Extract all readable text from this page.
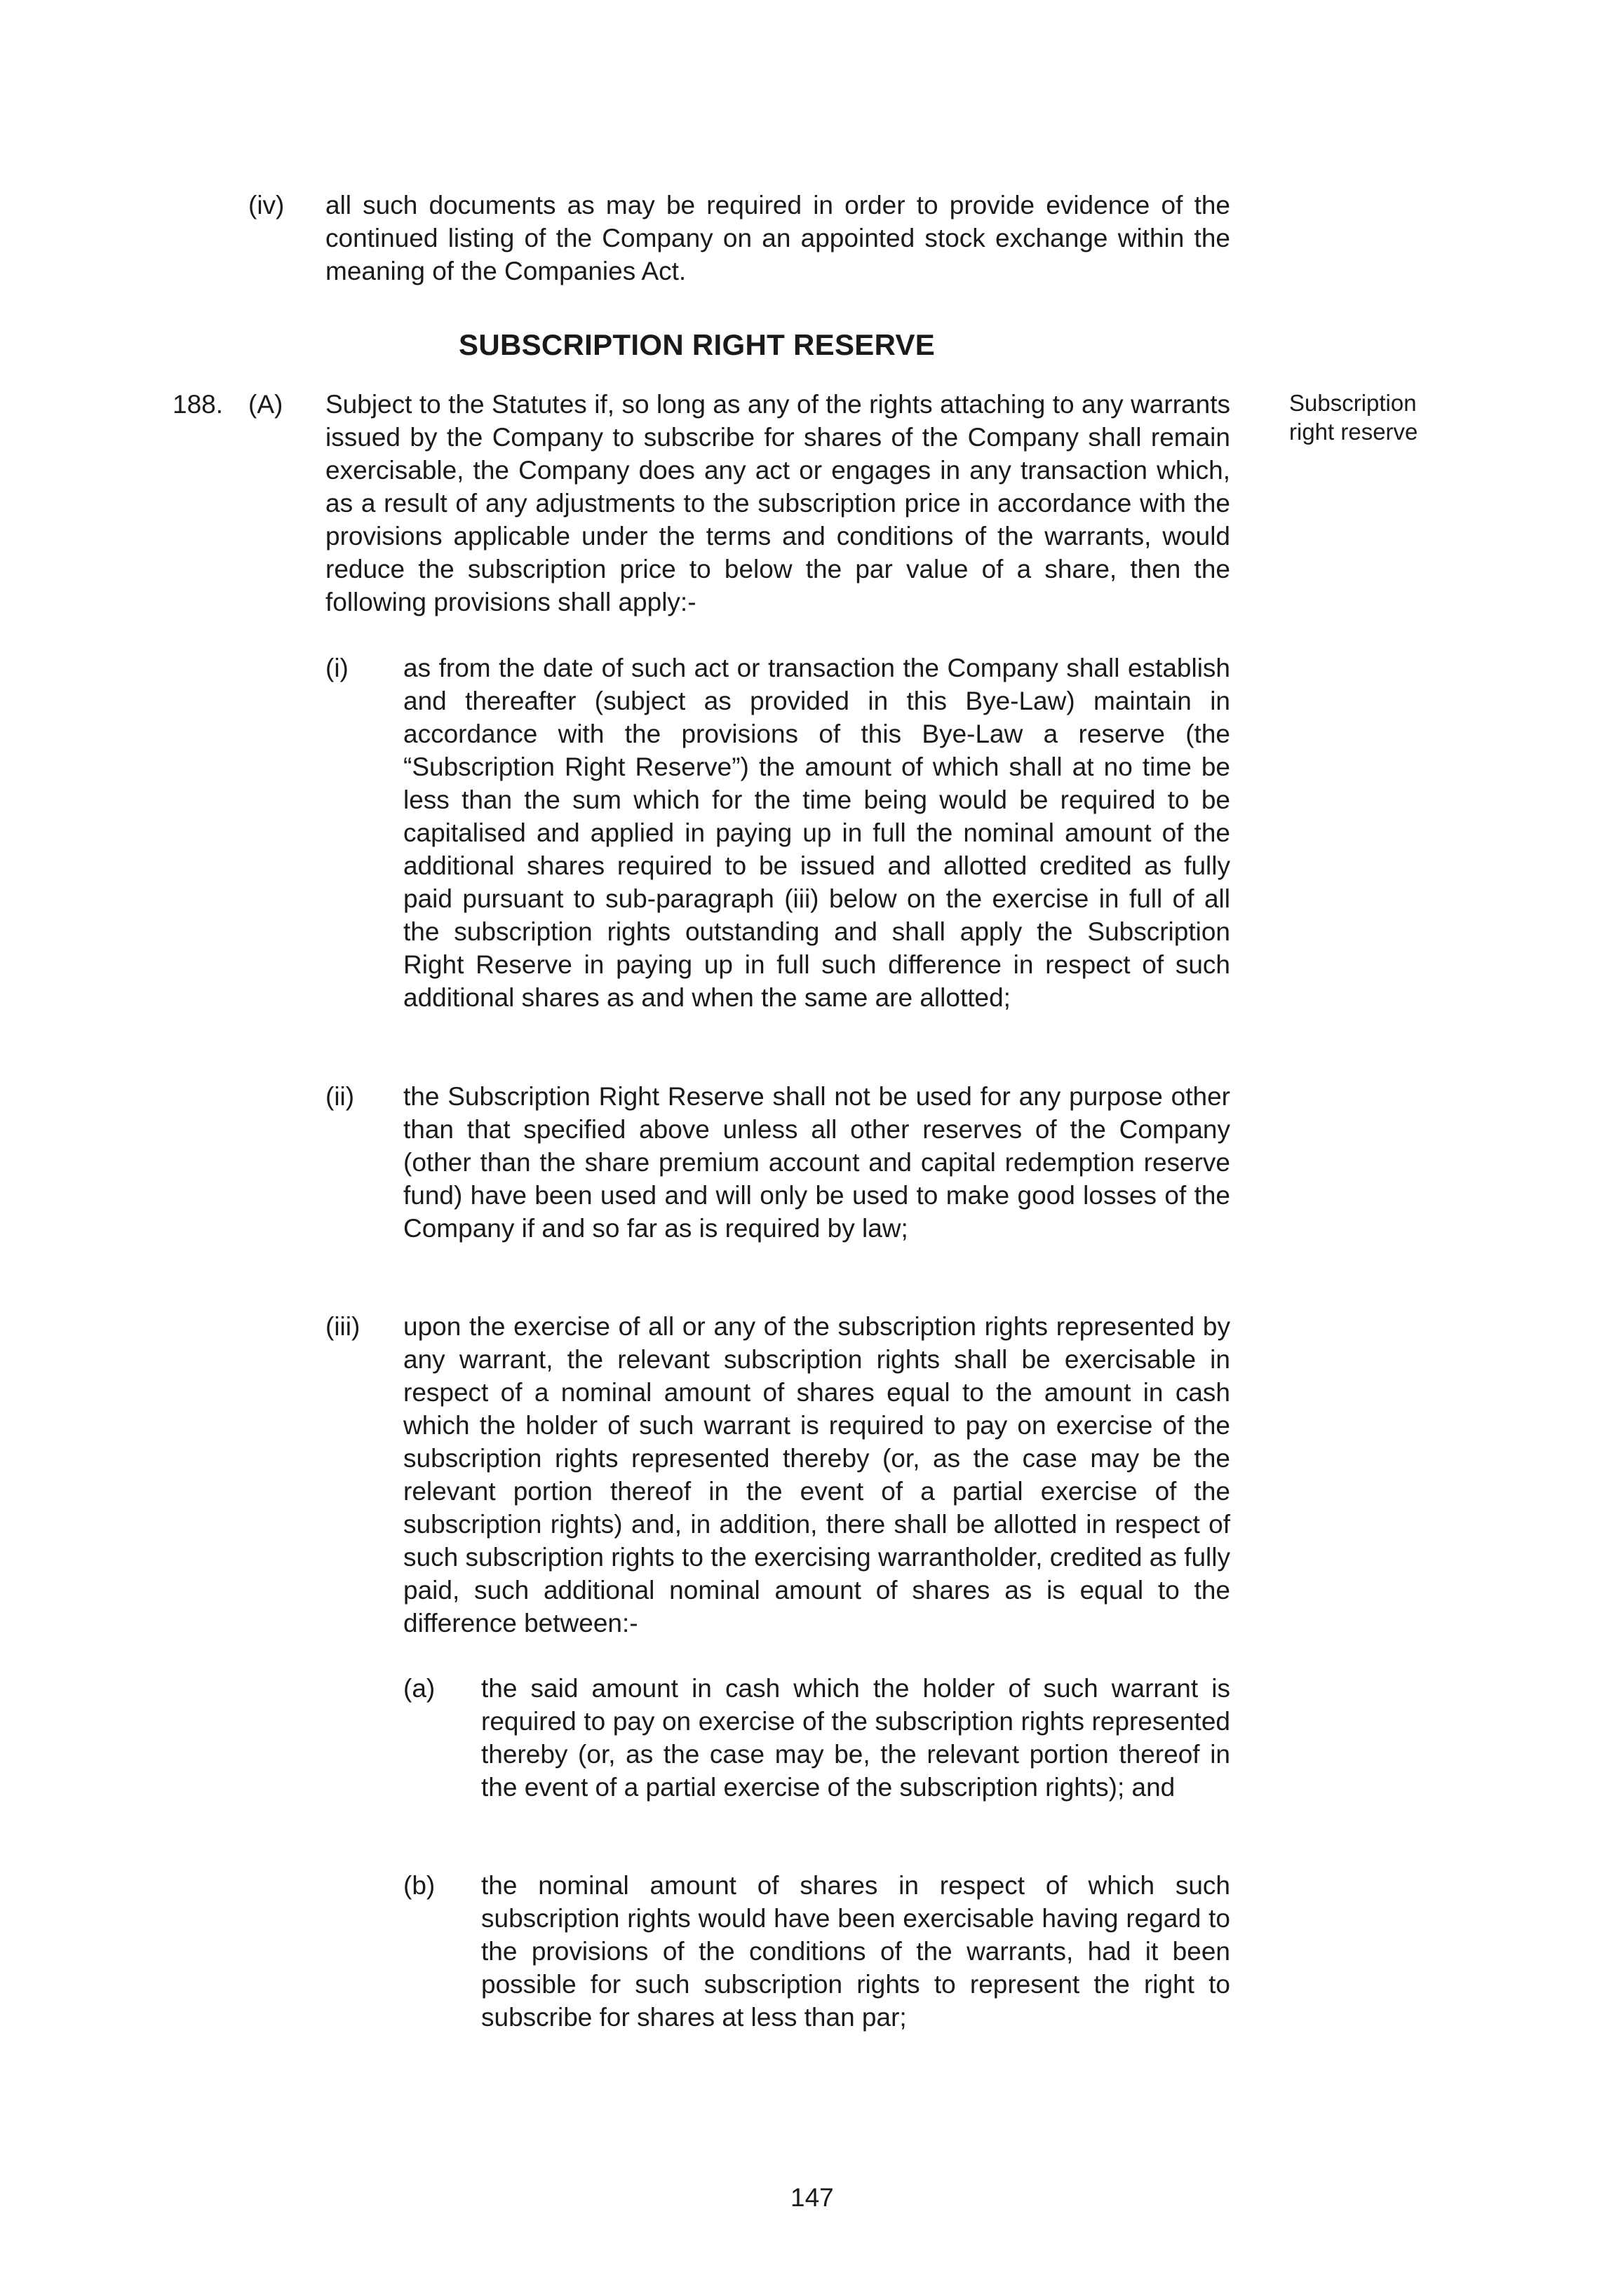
(iv) all such documents as may be required in order to provide evidence of the continued listing of the Company on an appointed stock exchange within the meaning of the Companies Act.
SUBSCRIPTION RIGHT RESERVE
Subscription
right reserve
188. (A) Subject to the Statutes if, so long as any of the rights attaching to any warrants issued by the Company to subscribe for shares of the Company shall remain exercisable, the Company does any act or engages in any transaction which, as a result of any adjustments to the subscription price in accordance with the provisions applicable under the terms and conditions of the warrants, would reduce the subscription price to below the par value of a share, then the following provisions shall apply:-
(i) as from the date of such act or transaction the Company shall establish and thereafter (subject as provided in this Bye-Law) maintain in accordance with the provisions of this Bye-Law a reserve (the “Subscription Right Reserve”) the amount of which shall at no time be less than the sum which for the time being would be required to be capitalised and applied in paying up in full the nominal amount of the additional shares required to be issued and allotted credited as fully paid pursuant to sub-paragraph (iii) below on the exercise in full of all the subscription rights outstanding and shall apply the Subscription Right Reserve in paying up in full such difference in respect of such additional shares as and when the same are allotted;
(ii) the Subscription Right Reserve shall not be used for any purpose other than that specified above unless all other reserves of the Company (other than the share premium account and capital redemption reserve fund) have been used and will only be used to make good losses of the Company if and so far as is required by law;
(iii) upon the exercise of all or any of the subscription rights represented by any warrant, the relevant subscription rights shall be exercisable in respect of a nominal amount of shares equal to the amount in cash which the holder of such warrant is required to pay on exercise of the subscription rights represented thereby (or, as the case may be the relevant portion thereof in the event of a partial exercise of the subscription rights) and, in addition, there shall be allotted in respect of such subscription rights to the exercising warrantholder, credited as fully paid, such additional nominal amount of shares as is equal to the difference between:-
(a) the said amount in cash which the holder of such warrant is required to pay on exercise of the subscription rights represented thereby (or, as the case may be, the relevant portion thereof in the event of a partial exercise of the subscription rights); and
(b) the nominal amount of shares in respect of which such subscription rights would have been exercisable having regard to the provisions of the conditions of the warrants, had it been possible for such subscription rights to represent the right to subscribe for shares at less than par;
147
